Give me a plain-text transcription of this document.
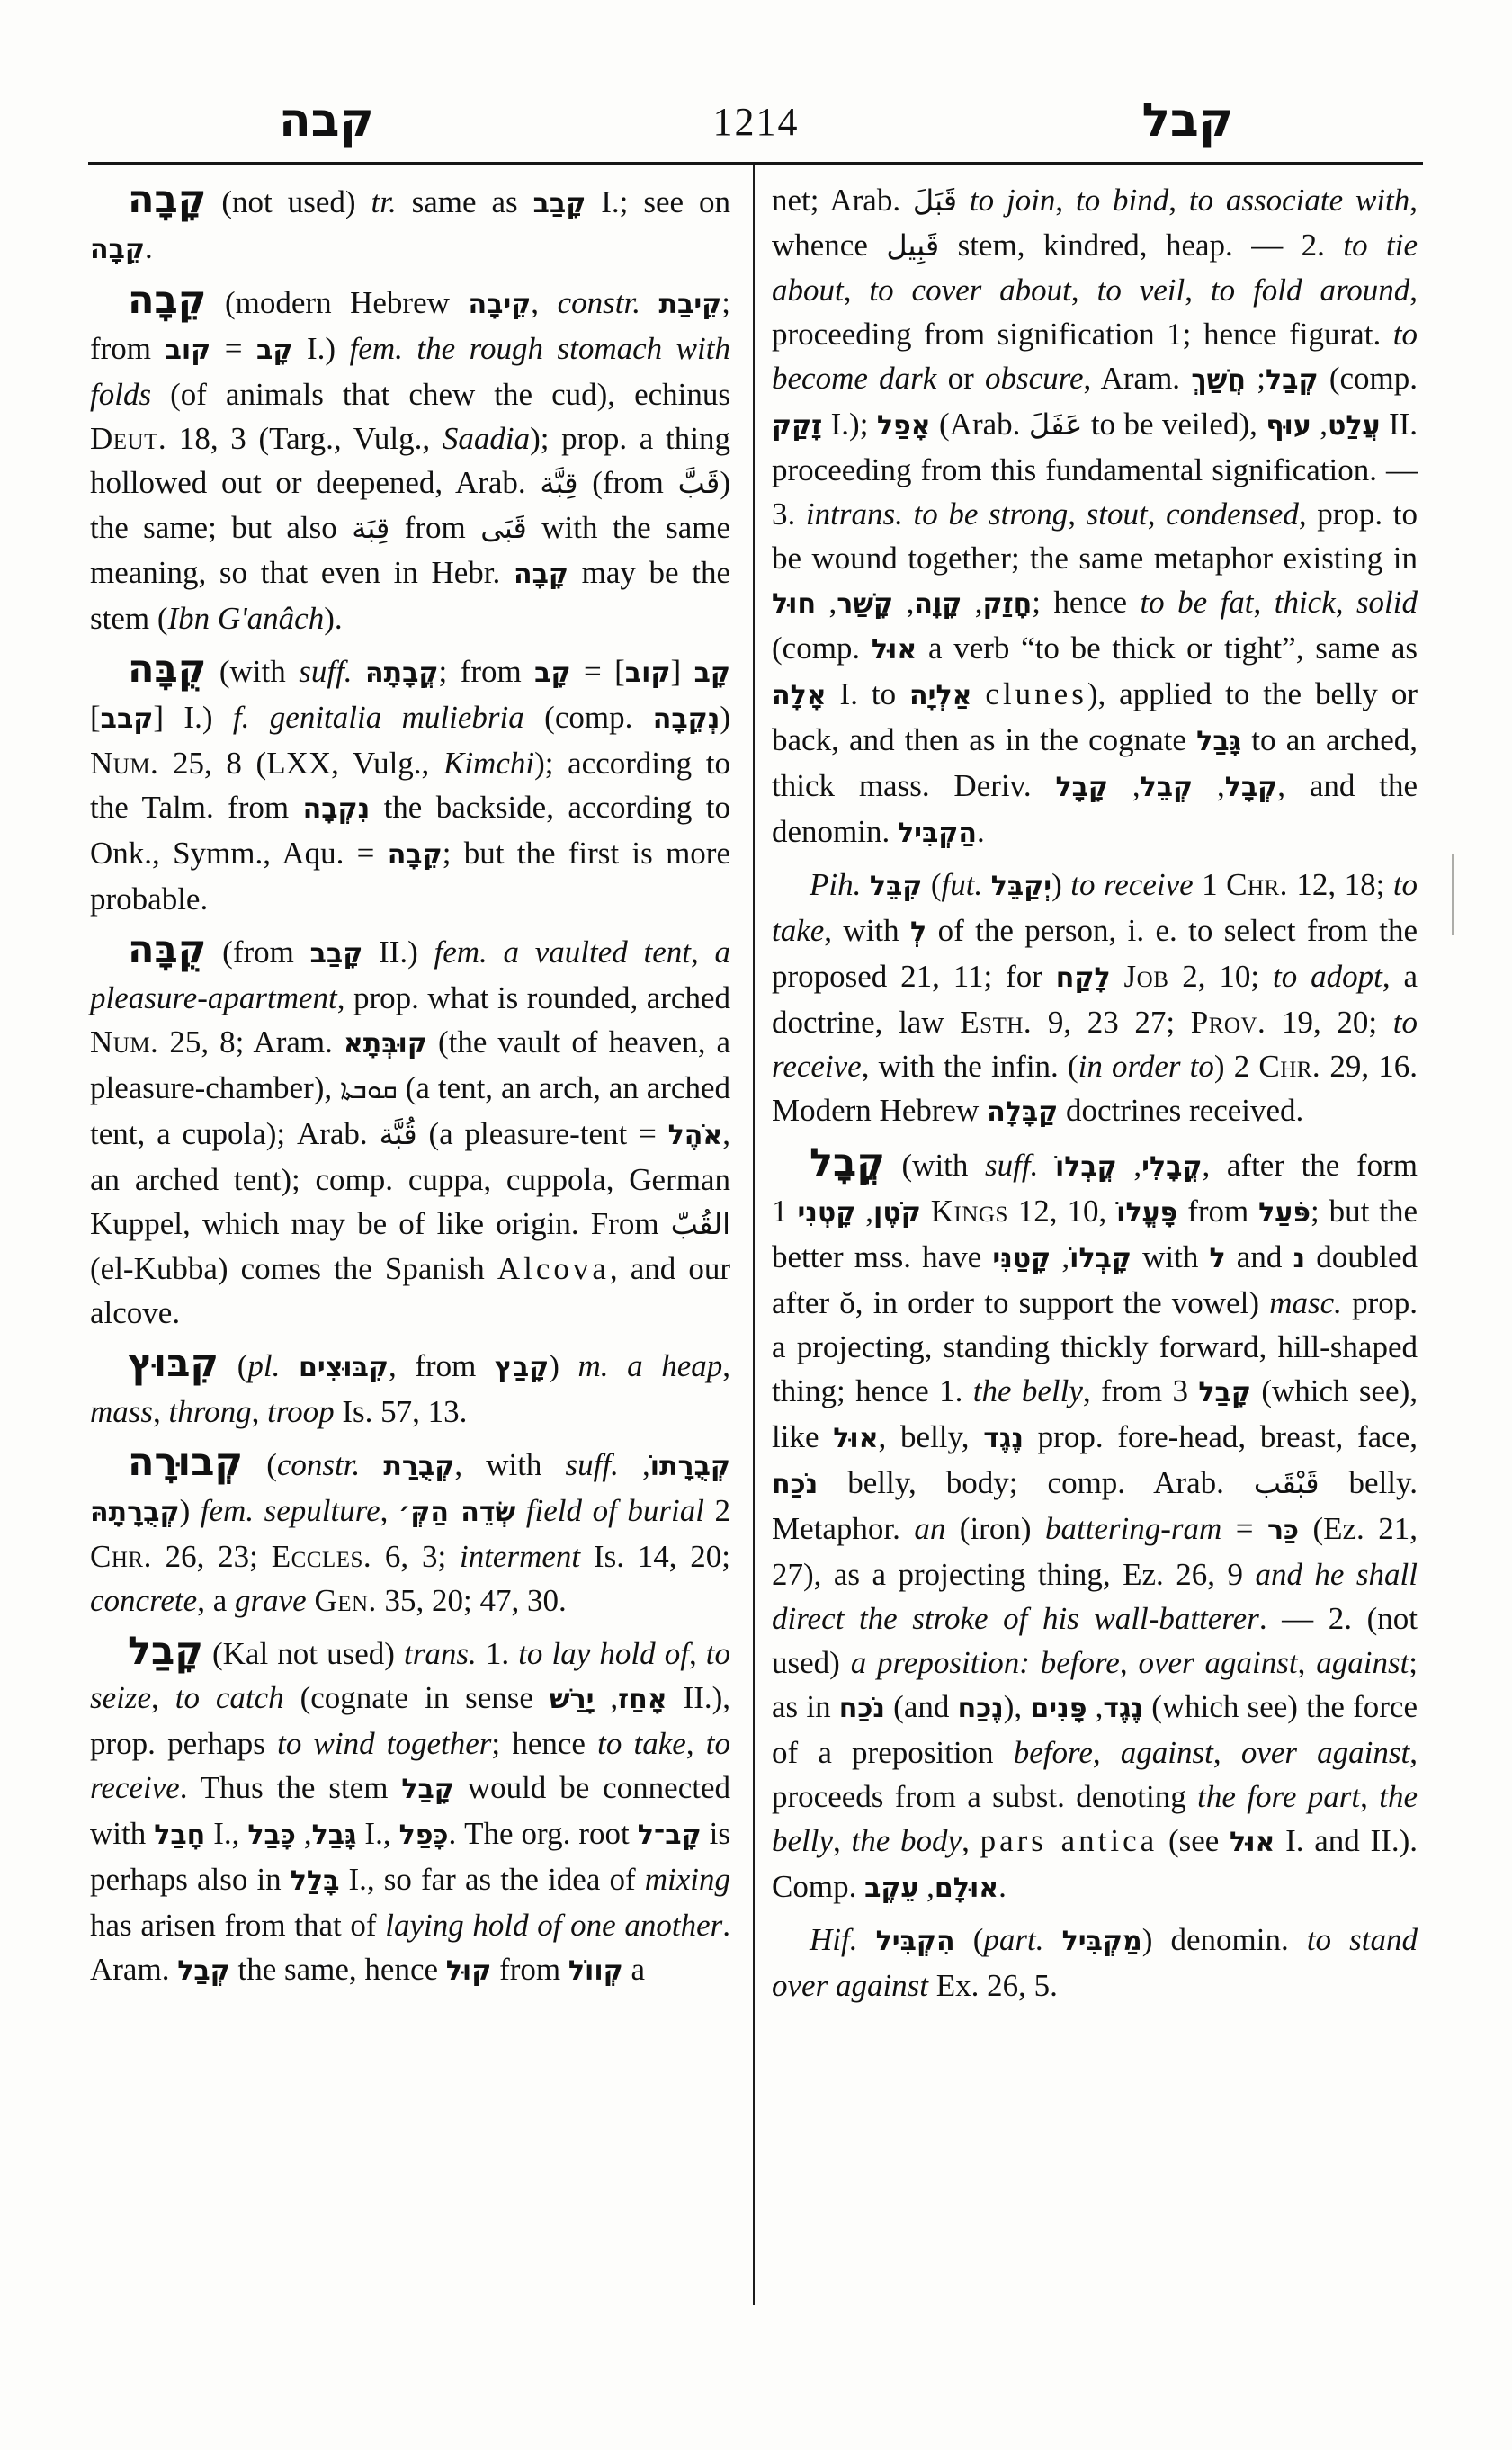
קבה	1214	קבל

קָבָה (not used) tr. same as קָבַב I.; see on קֵבָה.

קֵבָה (modern Hebrew קֵיבָה, constr. קֵיבַת; from	קָב = קוב	I.) fem. the rough stomach with folds (of animals that chew the cud), echinus Deut. 18, 3 (Targ., Vulg., Saadia); prop. a thing hollowed out or deepened, Arab. قِبَّة (from قَبَّ) the same; but also قِبَة from قَبَى with the same meaning, so that even in Hebr. קָבָה may be the stem (Ibn G'anâch).

קֻבָּה (with suff. קֳבָתָהּ; from	קָב [קוב] = קָב [קבב] I.) f. genitalia muliebria (comp. נְקֵבָה) Num. 25, 8 (LXX, Vulg., Kimchi); according to the Talm. from נִקְבָה the backside, according to Onk., Symm., Aqu. = קֵבָה; but the first is more probable.

קֻבָּה (from קָבַב II.) fem. a vaulted tent, a pleasure-apartment, prop. what is rounded, arched Num. 25, 8; Aram. קוּבְּתָא (the vault of heaven, a pleasure-chamber), ܩܘܒܬܐ (a tent, an arch, an arched tent, a cupola); Arab. قُبَّة (a pleasure-tent = אֹהֶל, an arched tent); comp. cuppa, cuppola, German Kuppel, which may be of like origin. From القُبّ (el-Kubba) comes the Spanish Alcova, and our alcove.

קִבּוּץ (pl. קִבּוּצִים, from קָבַץ) m. a heap, mass, throng, troop Is. 57, 13.

קְבוּרָה (constr. קְבֻרַת, with suff. קְבֻרָתוֹ, קְבֻרָתָהּ) fem. sepulture, שְׂדֵה הַקְּ׳ field of burial 2 Chr. 26, 23; Eccles. 6, 3; interment Is. 14, 20; concrete, a grave Gen. 35, 20; 47, 30.

קָבַל (Kal not used) trans. 1. to lay hold of, to seize, to catch (cognate in sense	אָחַז, יָרַשׁ II.), prop. perhaps to wind together; hence to take, to receive. Thus the stem קָבַל would be connected with חָבַל I., גָּבַל, כָּבַל I., כָּפַל. The org. root קָב־ל is perhaps also in בָּלַל I., so far as the idea of mixing has arisen from that of laying hold of one another. Aram. קְבַל the same, hence קוּל from קְווֹל a

net; Arab. قَبَلَ to join, to bind, to associate with, whence قَبِيل stem, kindred, heap. — 2. to tie about, to cover about, to veil, to fold around, proceeding from signification 1; hence figurat. to become dark or obscure, Aram.	קְבַל; חֲשַׁךְ (comp. זָקַק I.); אָפַל (Arab. عَفَلَ to be veiled), עֲלַט, עוּף II. proceeding from this fundamental signification. — 3. intrans. to be strong, stout, condensed, prop. to be wound together; the same metaphor existing in חָזַק, קָוָה, קָשַׁר, חוּל	; hence to be fat, thick, solid (comp. אוּל a verb “to be thick or tight”, same as אָלָה I. to אַלְיָה clunes), applied to the belly or back, and then as in the cognate גָּבַל to an arched, thick mass. Deriv.	קְבָל, קְבֵל, קָבָל	, and the denomin. הַקְבִּיל.

Pih. קִבֵּל (fut. יְקַבֵּל) to receive 1 Chr. 12, 18; to take, with לְ of the person, i. e. to select from the proposed 21, 11; for לָקַח Job 2, 10; to adopt, a doctrine, law Esth. 9, 23 27; Prov. 19, 20; to receive, with the infin. (in order to) 2 Chr. 29, 16. Modern Hebrew קַבָּלָה doctrines received.

קֳבָל (with suff.	קֳבָלִי, קֳבְלוֹ	, after the form קֹטֶן, קָטְנִי 1 Kings 12, 10, פָּעֳלוֹ from פֹּעַל; but the better mss. have	קָבְלוֹ, קָטַנִּי	with ל and נ doubled after ŏ, in order to support the vowel) masc. prop. a projecting, standing thickly forward, hill-shaped thing; hence 1. the belly, from קָבַל 3 (which see), like אוּל, belly, נֶגֶד prop. fore-head, breast, face, נֹכַח belly, body; comp. Arab. قَبْقَب belly. Metaphor. an (iron) battering-ram = כַּר (Ez. 21, 27), as a projecting thing, Ez. 26, 9 and he shall direct the stroke of his wall-batterer. — 2. (not used) a preposition: before, over against, against; as in נֹכַח (and נֶכַח),	נֶגֶד, פָּנִים (which see) the force of a preposition before, against, over against, proceeds from a subst. denoting the fore part, the belly, the body, pars antica (see אוּל I. and II.). Comp.	אוּלָם, עֵקֶב	.

Hif. הִקְבִּיל (part. מַקְבִּיל) denomin. to stand over against Ex. 26, 5.
